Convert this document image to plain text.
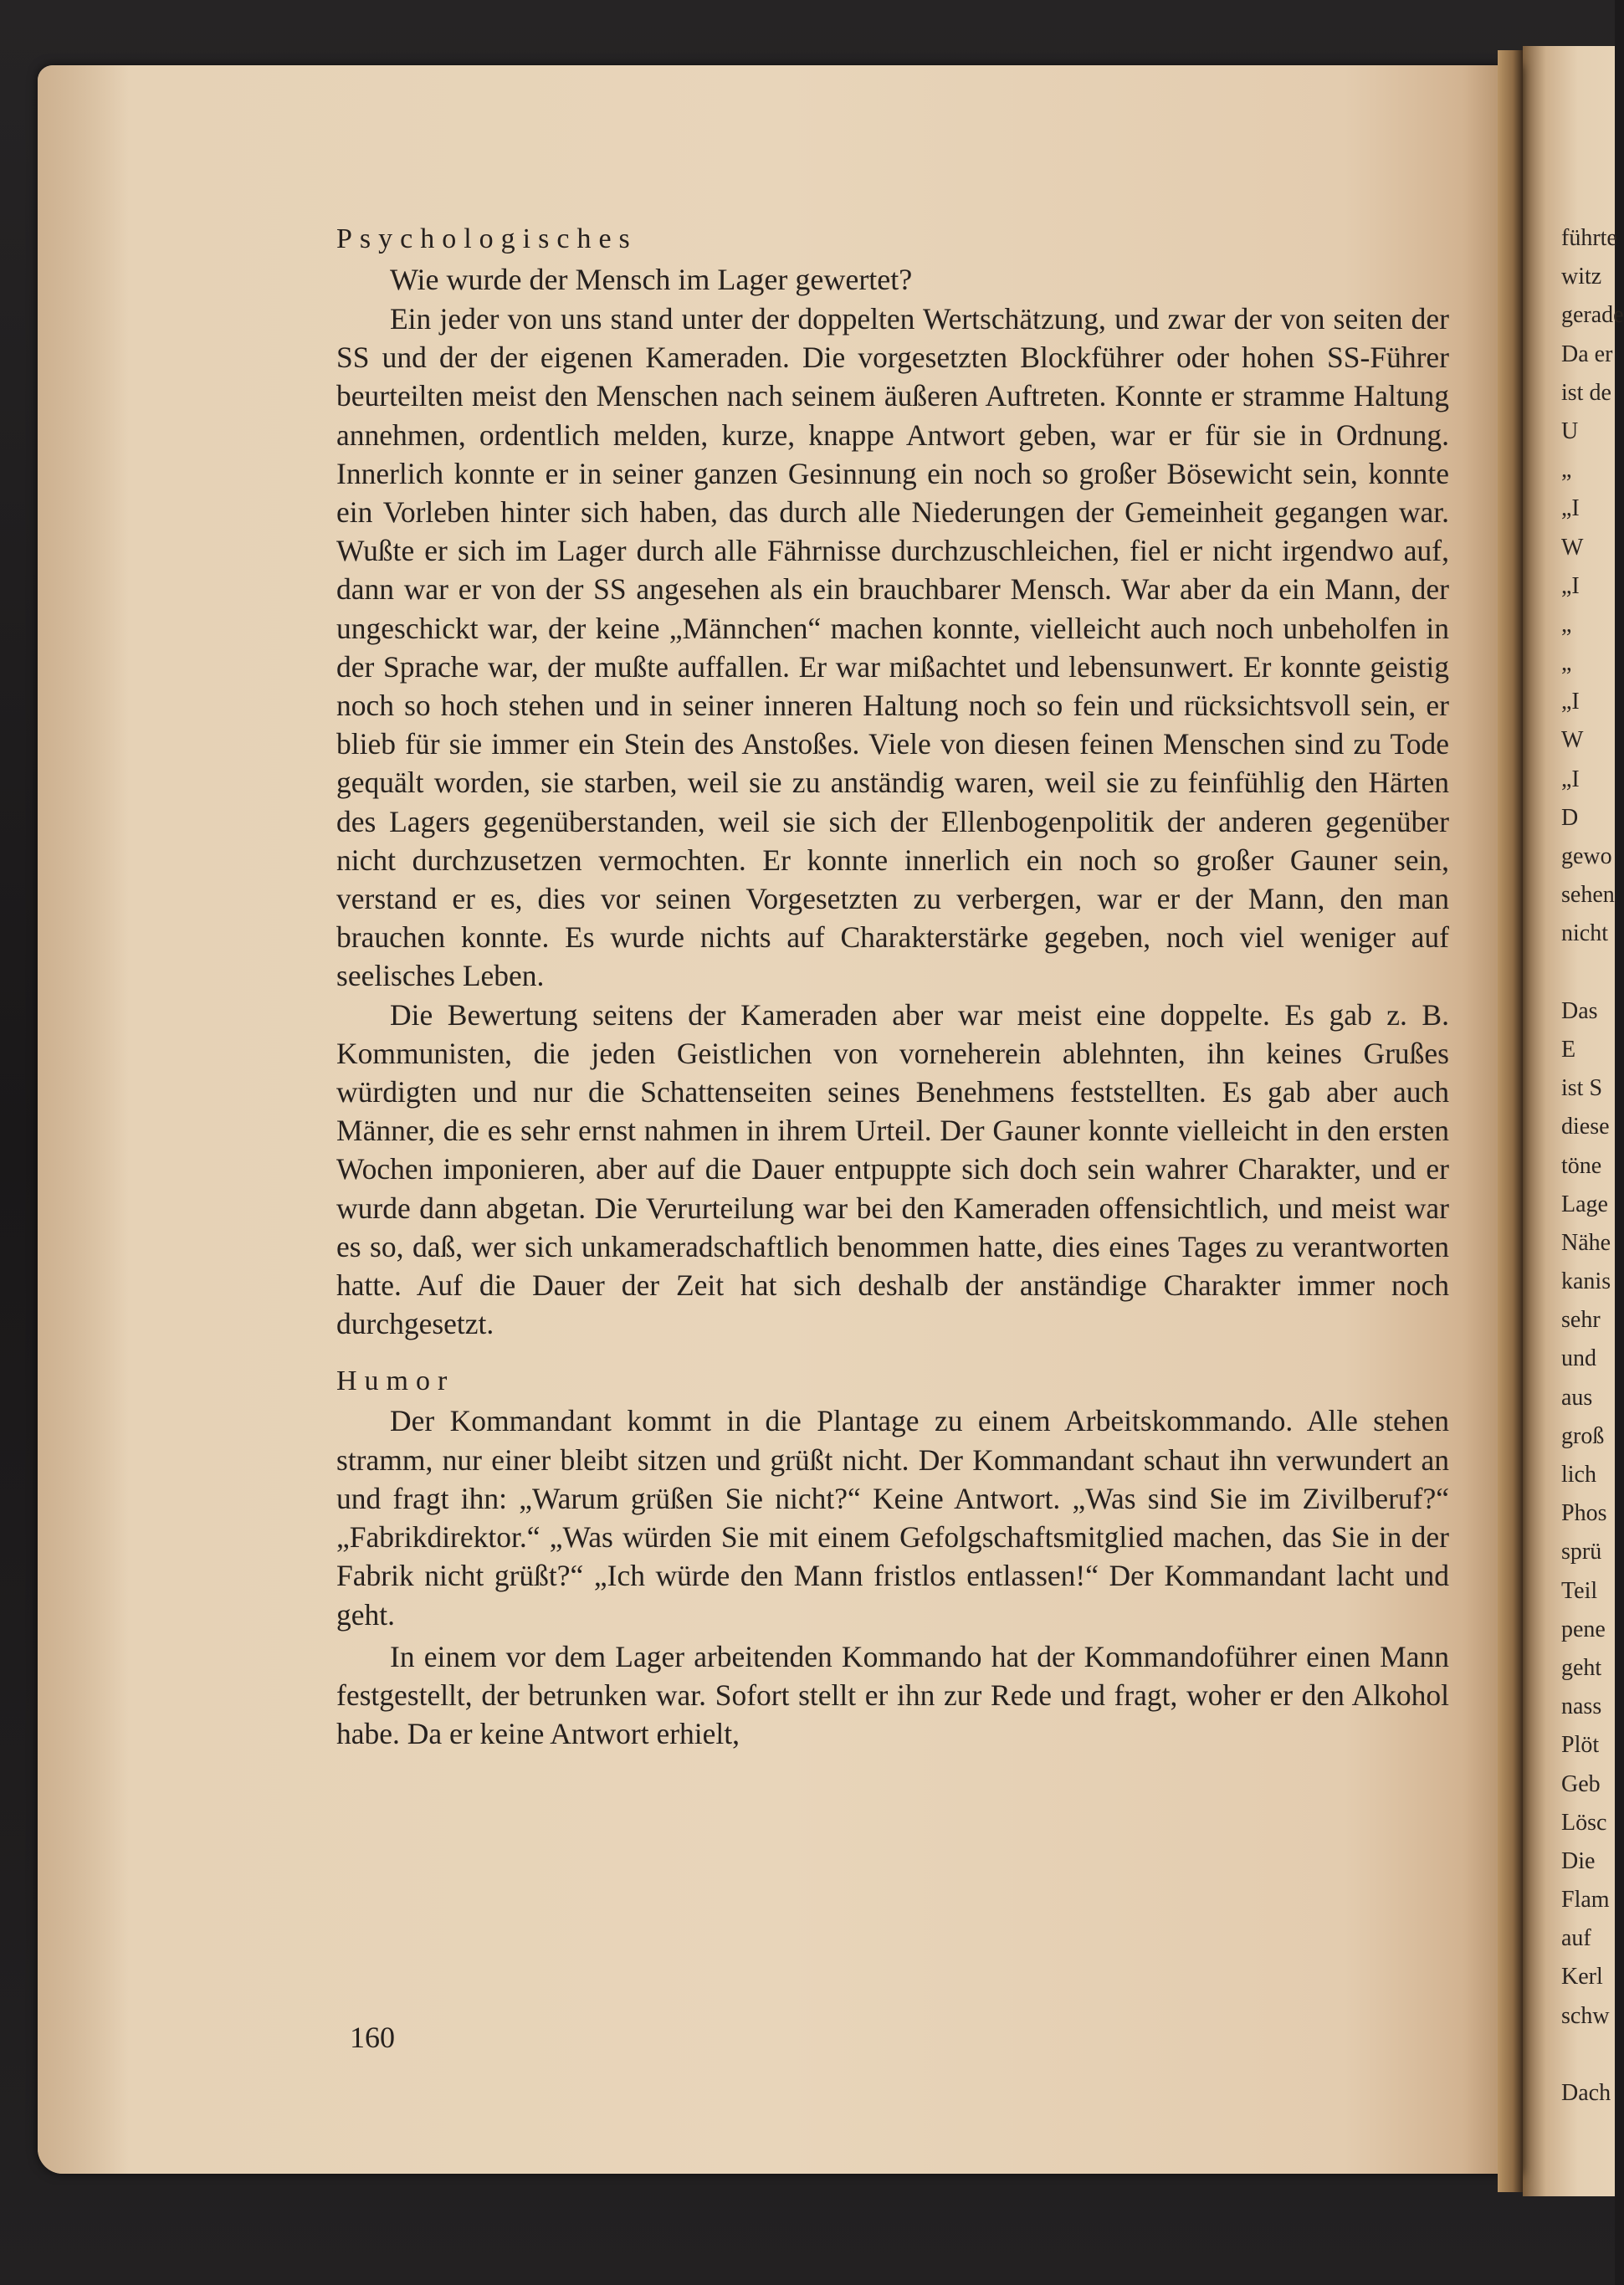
führte
witz
gerade
Da er
ist de
U
„
„I
W
„I
„
„
„I
W
„I
D
gewo
sehen
nicht
Das
E
ist S
diese
töne
Lage
Nähe
kanis
sehr
und
aus
groß
lich
Phos
sprü
Teil
pene
geht
nass
Plöt
Geb
Lösc
Die
Flam
auf
Kerl
schw
Dach
Psychologisches

Wie wurde der Mensch im Lager gewertet?

Ein jeder von uns stand unter der doppelten Wertschätzung, und zwar der von seiten der SS und der der eigenen Kameraden. Die vorgesetzten Blockführer oder hohen SS-Führer beurteilten meist den Menschen nach seinem äußeren Auftreten. Konnte er stramme Haltung annehmen, ordentlich melden, kurze, knappe Antwort geben, war er für sie in Ordnung. Innerlich konnte er in seiner ganzen Gesinnung ein noch so großer Bösewicht sein, konnte ein Vorleben hinter sich haben, das durch alle Niederungen der Gemeinheit gegangen war. Wußte er sich im Lager durch alle Fährnisse durchzuschleichen, fiel er nicht irgendwo auf, dann war er von der SS angesehen als ein brauchbarer Mensch. War aber da ein Mann, der ungeschickt war, der keine „Männchen“ machen konnte, vielleicht auch noch unbeholfen in der Sprache war, der mußte auffallen. Er war mißachtet und lebensunwert. Er konnte geistig noch so hoch stehen und in seiner inneren Haltung noch so fein und rücksichtsvoll sein, er blieb für sie immer ein Stein des Anstoßes. Viele von diesen feinen Menschen sind zu Tode gequält worden, sie starben, weil sie zu anständig waren, weil sie zu feinfühlig den Härten des Lagers gegenüberstanden, weil sie sich der Ellenbogenpolitik der anderen gegenüber nicht durchzusetzen vermochten. Er konnte innerlich ein noch so großer Gauner sein, verstand er es, dies vor seinen Vorgesetzten zu verbergen, war er der Mann, den man brauchen konnte. Es wurde nichts auf Charakterstärke gegeben, noch viel weniger auf seelisches Leben.

Die Bewertung seitens der Kameraden aber war meist eine doppelte. Es gab z. B. Kommunisten, die jeden Geistlichen von vorneherein ablehnten, ihn keines Grußes würdigten und nur die Schattenseiten seines Benehmens feststellten. Es gab aber auch Männer, die es sehr ernst nahmen in ihrem Urteil. Der Gauner konnte vielleicht in den ersten Wochen imponieren, aber auf die Dauer entpuppte sich doch sein wahrer Charakter, und er wurde dann abgetan. Die Verurteilung war bei den Kameraden offensichtlich, und meist war es so, daß, wer sich unkameradschaftlich benommen hatte, dies eines Tages zu verantworten hatte. Auf die Dauer der Zeit hat sich deshalb der anständige Charakter immer noch durchgesetzt.

Humor

Der Kommandant kommt in die Plantage zu einem Arbeitskommando. Alle stehen stramm, nur einer bleibt sitzen und grüßt nicht. Der Kommandant schaut ihn verwundert an und fragt ihn: „Warum grüßen Sie nicht?“ Keine Antwort. „Was sind Sie im Zivilberuf?“ „Fabrikdirektor.“ „Was würden Sie mit einem Gefolgschaftsmitglied machen, das Sie in der Fabrik nicht grüßt?“ „Ich würde den Mann fristlos entlassen!“ Der Kommandant lacht und geht.

In einem vor dem Lager arbeitenden Kommando hat der Kommandoführer einen Mann festgestellt, der betrunken war. Sofort stellt er ihn zur Rede und fragt, woher er den Alkohol habe. Da er keine Antwort erhielt,

160
